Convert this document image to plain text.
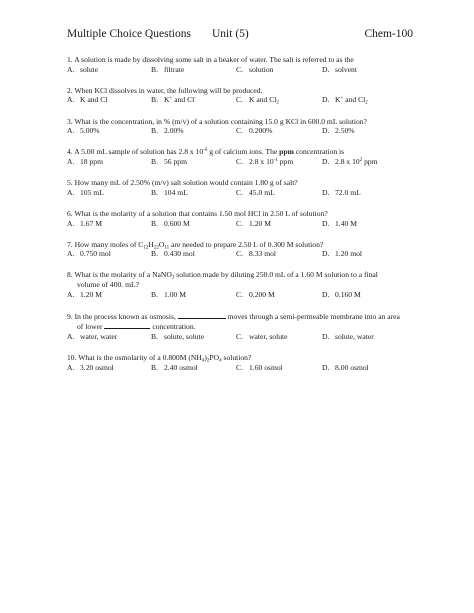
Multiple Choice Questions Unit (5)	Chem-100
1. A solution is made by dissolving some salt in a beaker of water. The salt is referred to as the
A. solute	B. filtrate	C. solution	D. solvent
2. When KCl dissolves in water, the following will be produced.
A. K and Cl	B. K+ and Cl-	C. K and $Cl_2$	D. K+ and $Cl_2$
3. What is the concentration, in % (m/v) of a solution containing 15.0 g KCl in 600.0 mL solution?
A. 5.00%	B. 2.00%	C. 0.200%	D. 2.50%
4. A 5.00 mL sample of solution has 2.8 x $10^{-6}$ g of calcium ions. The ppm concentration is
A. 18 ppm	B. 56 ppm	C. 2.8 x $10^{-1}$ ppm	D. 2.8 x $10^2$ ppm
5. How many mL of 2.50% (m/v) salt solution would contain 1.80 g of salt?
A. 105 mL	B. 104 mL	C. 45.0 mL	D. 72.0 mL
6. What is the molarity of a solution that contains 1.50 mol HCl in 2.50 L of solution?
A. 1.67 M	B. 0.600 M	C. 1.20 M	D. 1.40 M
7. How many moles of $C_{12}H_{22}O_{11}$ are needed to prepare 2.50 L of 0.300 M solution?
A. 0.750 mol	B. 0.430 mol	C. 8.33 mol	D. 1.20 mol
8. What is the molarity of a NaNO$_3$ solution made by diluting 250.0 mL of a 1.60 M solution to a final
volume of 400. mL?
A. 1.20 M	B. 1.00 M	C. 0.200 M	D. 0.160 M
9. In the process known as osmosis,	moves through a semi-permeable membrane into an area
of lower	concentration.
A. water, water	B. solute, solute	C. water, solute	D. solute, water
10. What is the osmolarity of a 0.800M $(NH_4)_2PO_4$ solution?
A. 3.20 osmol	B. 2.40 osmol	C. 1.60 osmol	D. 8.00 osmol
